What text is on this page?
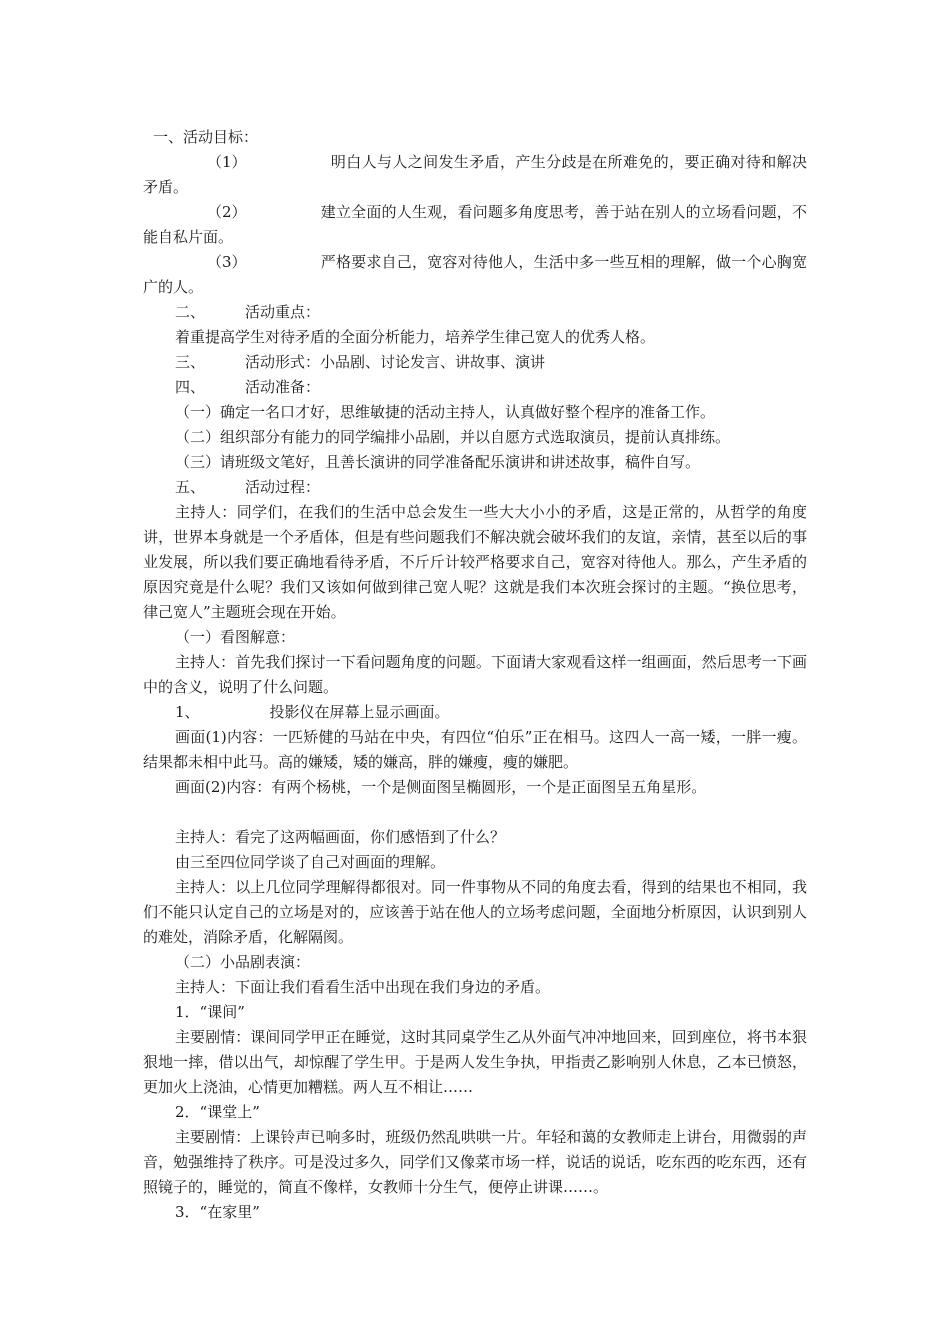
一、活动目标：

（1）	明白人与人之间发生矛盾，产生分歧是在所难免的，要正确对待和解决矛盾。

（2）	建立全面的人生观，看问题多角度思考，善于站在别人的立场看问题，不能自私片面。

（3）	严格要求自己，宽容对待他人，生活中多一些互相的理解，做一个心胸宽广的人。

二、	活动重点：

着重提高学生对待矛盾的全面分析能力，培养学生律己宽人的优秀人格。

三、	活动形式：小品剧、讨论发言、讲故事、演讲

四、	活动准备：

（一）确定一名口才好，思维敏捷的活动主持人，认真做好整个程序的准备工作。

（二）组织部分有能力的同学编排小品剧，并以自愿方式选取演员，提前认真排练。

（三）请班级文笔好，且善长演讲的同学准备配乐演讲和讲述故事，稿件自写。

五、	活动过程：

主持人：同学们，在我们的生活中总会发生一些大大小小的矛盾，这是正常的，从哲学的角度讲，世界本身就是一个矛盾体，但是有些问题我们不解决就会破坏我们的友谊，亲情，甚至以后的事业发展，所以我们要正确地看待矛盾，不斤斤计较严格要求自己，宽容对待他人。那么，产生矛盾的原因究竟是什么呢？我们又该如何做到律己宽人呢？这就是我们本次班会探讨的主题。“换位思考，律己宽人”主题班会现在开始。

（一）看图解意：

主持人：首先我们探讨一下看问题角度的问题。下面请大家观看这样一组画面，然后思考一下画中的含义，说明了什么问题。

1、	投影仪在屏幕上显示画面。

画面(1)内容：一匹矫健的马站在中央，有四位“伯乐”正在相马。这四人一高一矮，一胖一瘦。结果都未相中此马。高的嫌矮，矮的嫌高，胖的嫌瘦，瘦的嫌肥。

画面(2)内容：有两个杨桃，一个是侧面图呈椭圆形，一个是正面图呈五角星形。

主持人：看完了这两幅画面，你们感悟到了什么？

由三至四位同学谈了自己对画面的理解。

主持人：以上几位同学理解得都很对。同一件事物从不同的角度去看，得到的结果也不相同，我们不能只认定自己的立场是对的，应该善于站在他人的立场考虑问题，全面地分析原因，认识到别人的难处，消除矛盾，化解隔阂。

（二）小品剧表演：

主持人：下面让我们看看生活中出现在我们身边的矛盾。

1．“课间”

主要剧情：课间同学甲正在睡觉，这时其同桌学生乙从外面气冲冲地回来，回到座位，将书本狠狠地一摔，借以出气，却惊醒了学生甲。于是两人发生争执，甲指责乙影响别人休息，乙本已愤怒，更加火上浇油，心情更加糟糕。两人互不相让……

2．“课堂上”

主要剧情：上课铃声已响多时，班级仍然乱哄哄一片。年轻和蔼的女教师走上讲台，用微弱的声音，勉强维持了秩序。可是没过多久，同学们又像菜市场一样，说话的说话，吃东西的吃东西，还有照镜子的，睡觉的，简直不像样，女教师十分生气，便停止讲课……。

3．“在家里”
